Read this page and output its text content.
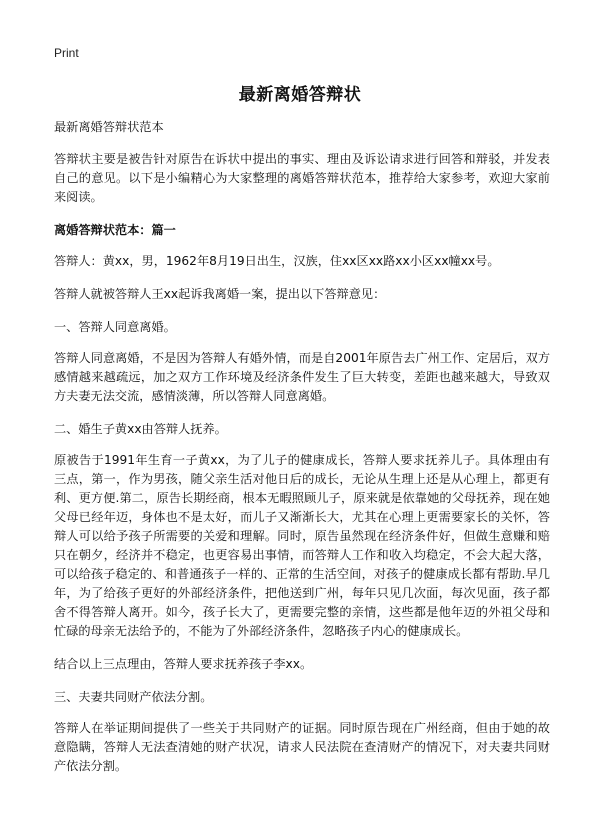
Print
最新离婚答辩状

最新离婚答辩状范本

答辩状主要是被告针对原告在诉状中提出的事实、理由及诉讼请求进行回答和辩驳，并发表自己的意见。以下是小编精心为大家整理的离婚答辩状范本，推荐给大家参考，欢迎大家前来阅读。

离婚答辩状范本：篇一

答辩人：黄xx，男，1962年8月19日出生，汉族，住xx区xx路xx小区xx幢xx号。

答辩人就被答辩人王xx起诉我离婚一案，提出以下答辩意见：

一、答辩人同意离婚。

答辩人同意离婚，不是因为答辩人有婚外情，而是自2001年原告去广州工作、定居后，双方感情越来越疏远，加之双方工作环境及经济条件发生了巨大转变，差距也越来越大，导致双方夫妻无法交流，感情淡薄，所以答辩人同意离婚。

二、婚生子黄xx由答辩人抚养。

原被告于1991年生育一子黄xx，为了儿子的健康成长，答辩人要求抚养儿子。具体理由有三点，第一，作为男孩，随父亲生活对他日后的成长，无论从生理上还是从心理上，都更有利、更方便.第二，原告长期经商，根本无暇照顾儿子，原来就是依靠她的父母抚养，现在她父母已经年迈，身体也不是太好，而儿子又渐渐长大，尤其在心理上更需要家长的关怀，答辩人可以给予孩子所需要的关爱和理解。同时，原告虽然现在经济条件好，但做生意赚和赔只在朝夕，经济并不稳定，也更容易出事情，而答辩人工作和收入均稳定，不会大起大落，可以给孩子稳定的、和普通孩子一样的、正常的生活空间，对孩子的健康成长都有帮助.早几年，为了给孩子更好的外部经济条件，把他送到广州，每年只见几次面，每次见面，孩子都舍不得答辩人离开。如今，孩子长大了，更需要完整的亲情，这些都是他年迈的外祖父母和忙碌的母亲无法给予的，不能为了外部经济条件，忽略孩子内心的健康成长。

结合以上三点理由，答辩人要求抚养孩子李xx。

三、夫妻共同财产依法分割。

答辩人在举证期间提供了一些关于共同财产的证据。同时原告现在广州经商，但由于她的故意隐瞒，答辩人无法查清她的财产状况，请求人民法院在查清财产的情况下，对夫妻共同财产依法分割。
